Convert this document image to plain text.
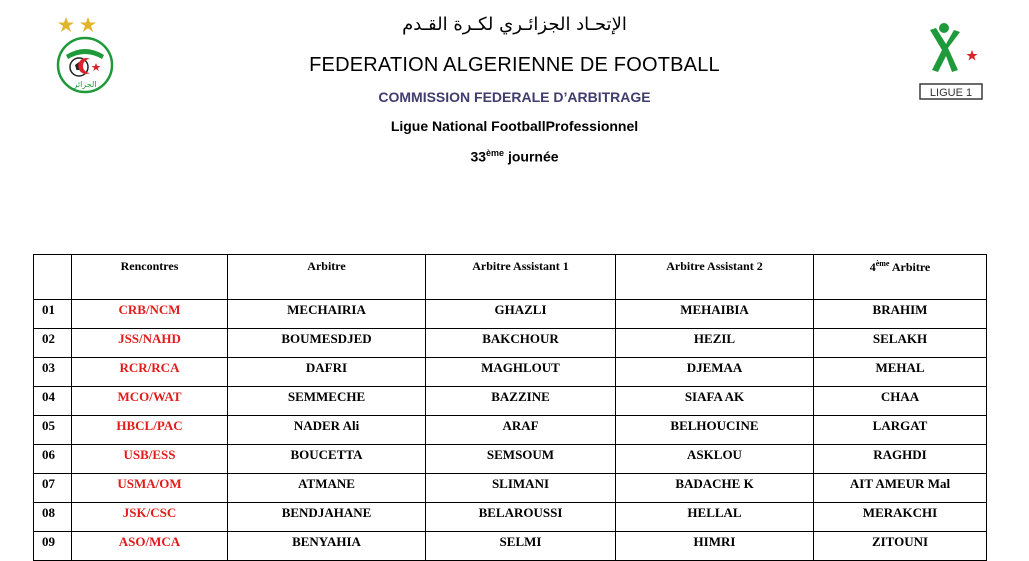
الجزائر
LIGUE 1
الإتحـاد الجزائـري لكـرة القـدم
FEDERATION ALGERIENNE DE FOOTBALL
COMMISSION FEDERALE D’ARBITRAGE
Ligue National FootballProfessionnel
33ème journée
	Rencontres	Arbitre	Arbitre Assistant 1	Arbitre Assistant 2	4ème Arbitre
01	CRB/NCM	MECHAIRIA	GHAZLI	MEHAIBIA	BRAHIM
02	JSS/NAHD	BOUMESDJED	BAKCHOUR	HEZIL	SELAKH
03	RCR/RCA	DAFRI	MAGHLOUT	DJEMAA	MEHAL
04	MCO/WAT	SEMMECHE	BAZZINE	SIAFA AK	CHAA
05	HBCL/PAC	NADER Ali	ARAF	BELHOUCINE	LARGAT
06	USB/ESS	BOUCETTA	SEMSOUM	ASKLOU	RAGHDI
07	USMA/OM	ATMANE	SLIMANI	BADACHE K	AIT AMEUR Mal
08	JSK/CSC	BENDJAHANE	BELAROUSSI	HELLAL	MERAKCHI
09	ASO/MCA	BENYAHIA	SELMI	HIMRI	ZITOUNI
